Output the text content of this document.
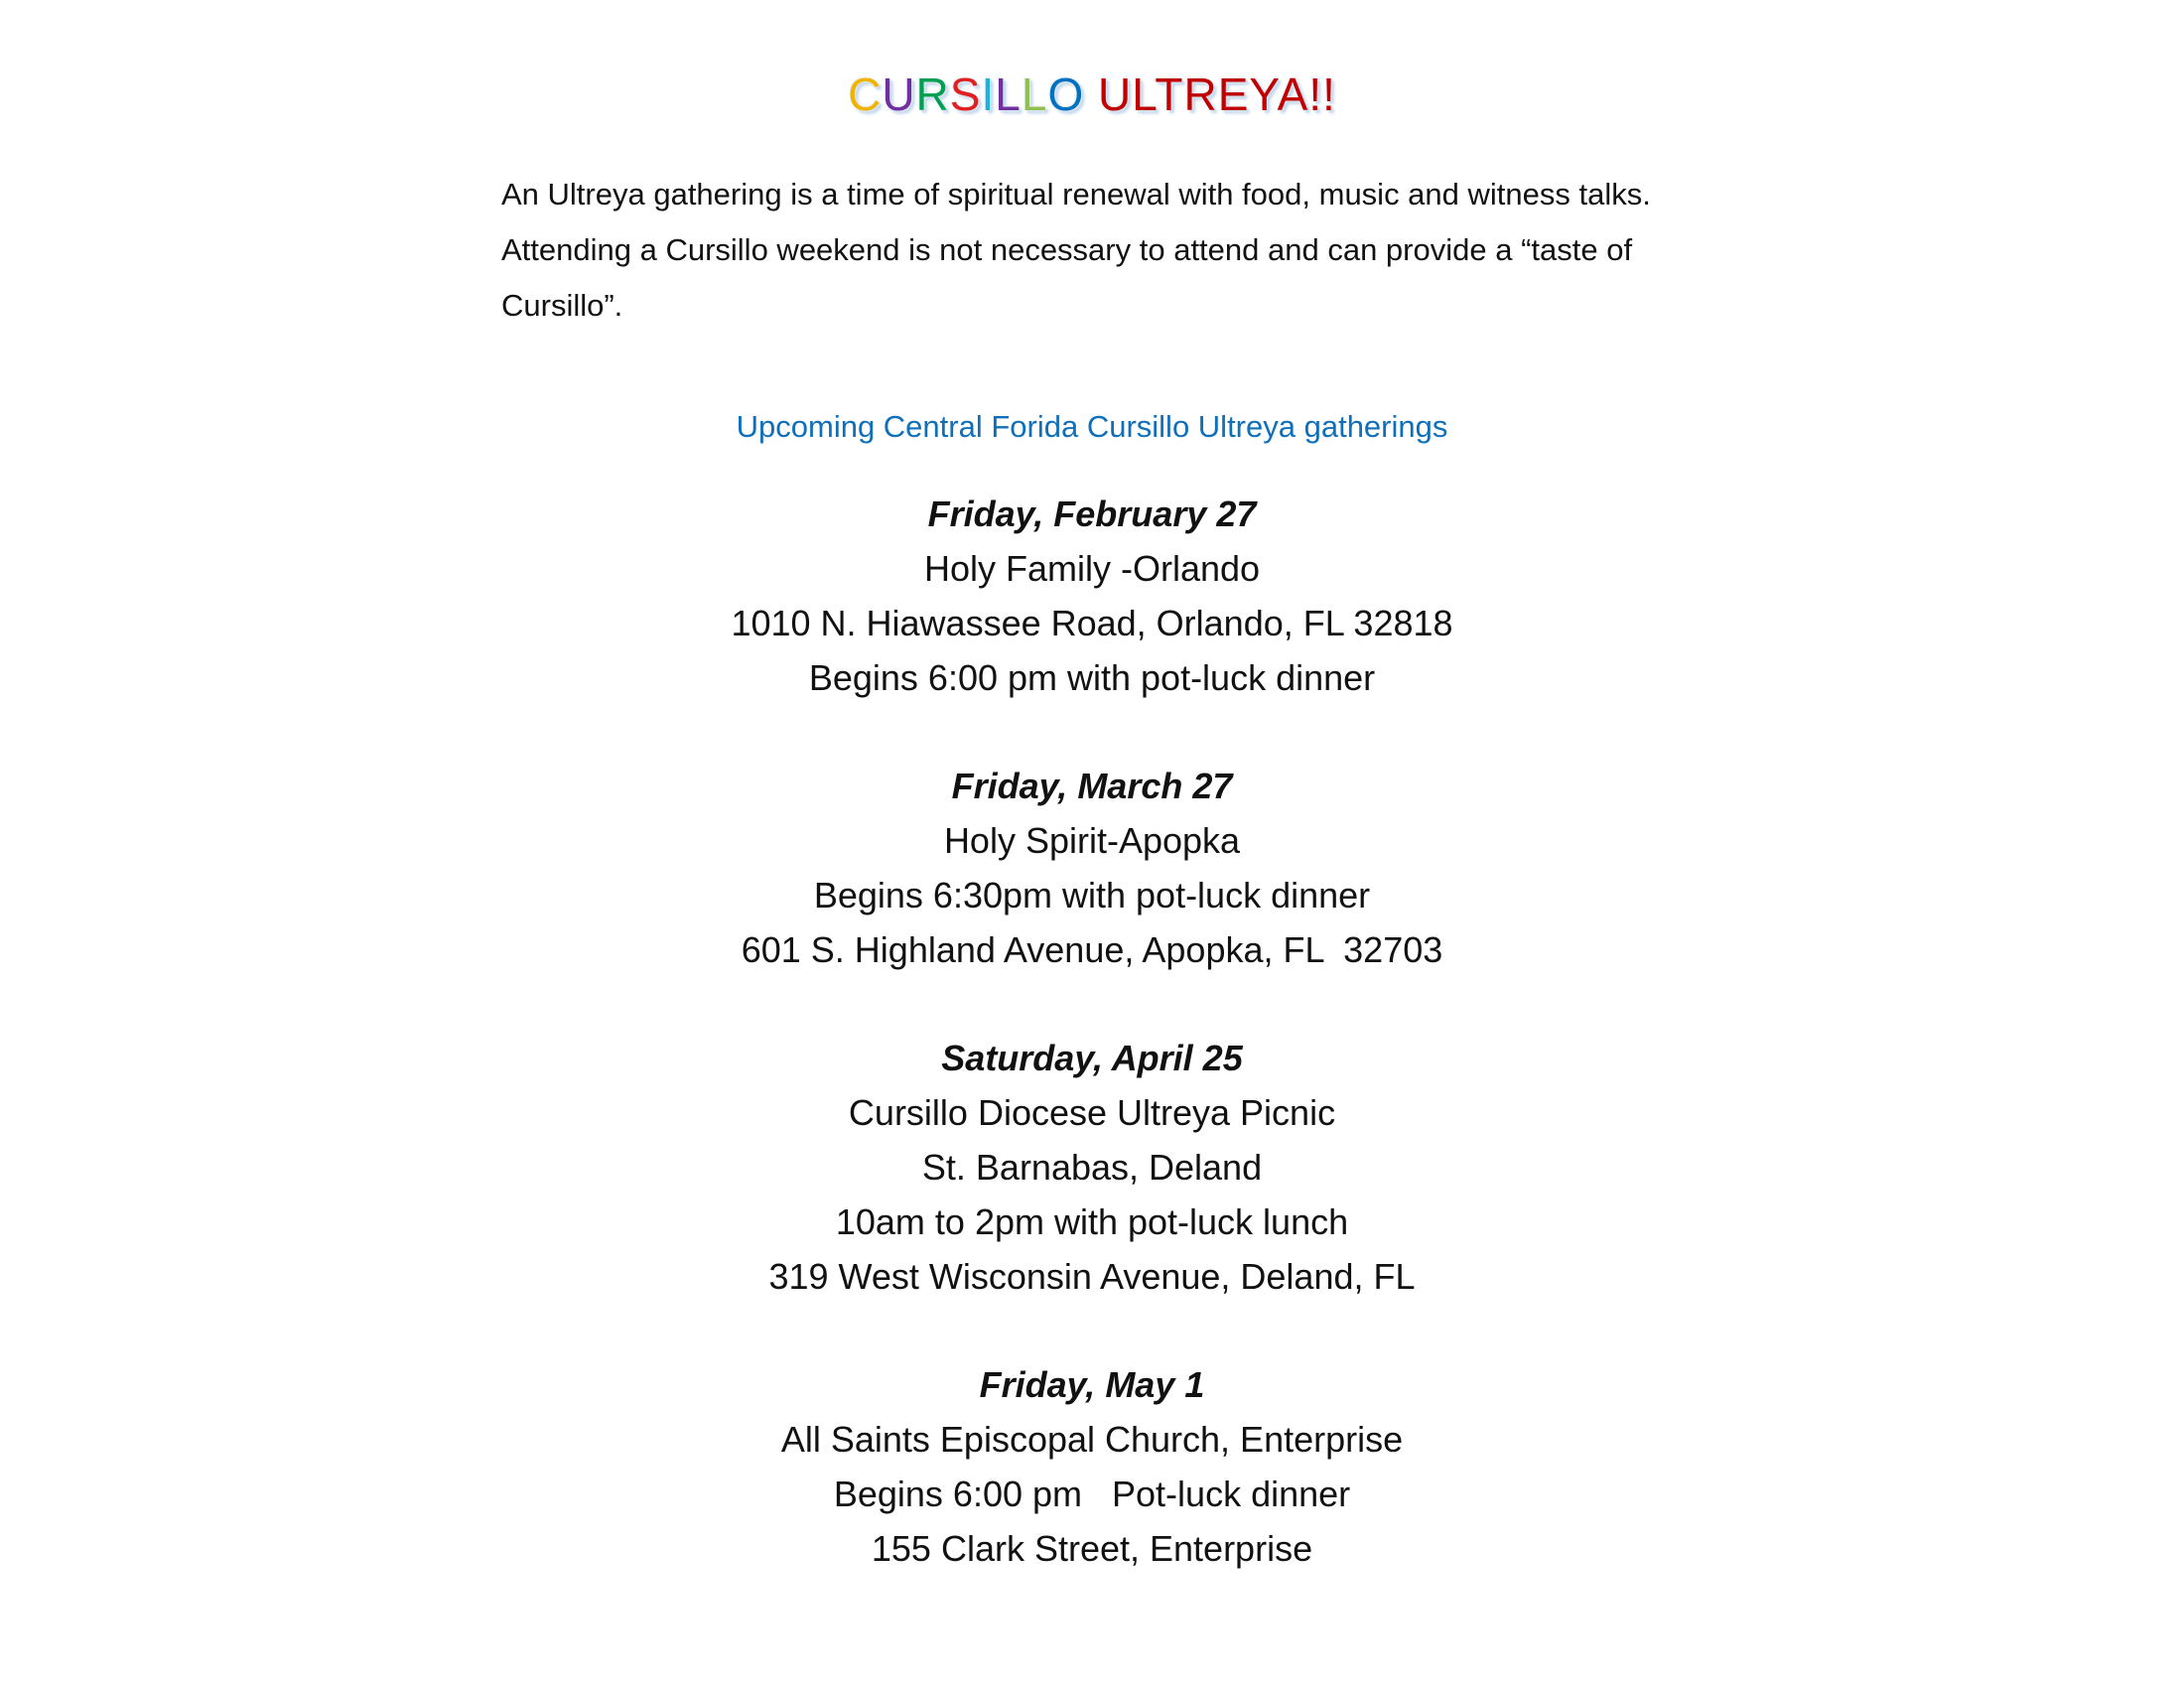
CURSILLO ULTREYA!!
An Ultreya gathering is a time of spiritual renewal with food, music and witness talks. Attending a Cursillo weekend is not necessary to attend and can provide a “taste of Cursillo”.
Upcoming Central Forida Cursillo Ultreya gatherings
Friday, February 27
Holy Family -Orlando
1010 N. Hiawassee Road, Orlando, FL 32818
Begins 6:00 pm with pot-luck dinner
Friday, March 27
Holy Spirit-Apopka
Begins 6:30pm with pot-luck dinner
601 S. Highland Avenue, Apopka, FL  32703
Saturday, April 25
Cursillo Diocese Ultreya Picnic
St. Barnabas, Deland
10am to 2pm with pot-luck lunch
319 West Wisconsin Avenue, Deland, FL
Friday, May 1
All Saints Episcopal Church, Enterprise
Begins 6:00 pm   Pot-luck dinner
155 Clark Street, Enterprise
